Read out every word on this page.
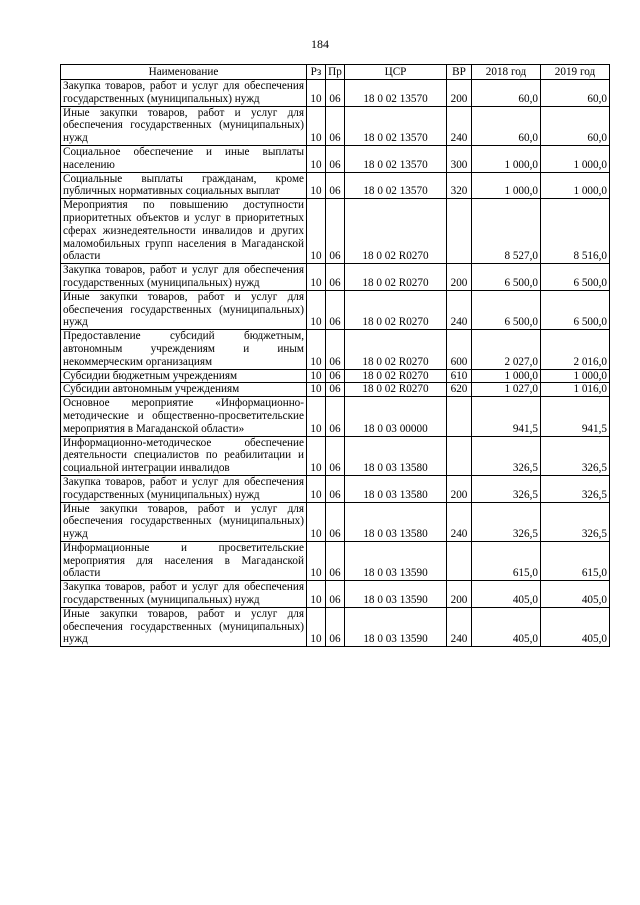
184
Наименование	Рз	Пр	ЦСР	ВР	2018 год	2019 год
Закупка товаров, работ и услуг для обеспечения государственных (муниципальных) нужд	10	06	18 0 02 13570	200	60,0	60,0
Иные закупки товаров, работ и услуг для обеспечения государственных (муниципальных) нужд	10	06	18 0 02 13570	240	60,0	60,0
Социальное обеспечение и иные выплаты населению	10	06	18 0 02 13570	300	1 000,0	1 000,0
Социальные выплаты гражданам, кроме публичных нормативных социальных выплат	10	06	18 0 02 13570	320	1 000,0	1 000,0
Мероприятия по повышению доступности приоритетных объектов и услуг в приоритетных сферах жизнедеятельности инвалидов и других маломобильных групп населения в Магаданской области	10	06	18 0 02 R0270		8 527,0	8 516,0
Закупка товаров, работ и услуг для обеспечения государственных (муниципальных) нужд	10	06	18 0 02 R0270	200	6 500,0	6 500,0
Иные закупки товаров, работ и услуг для обеспечения государственных (муниципальных) нужд	10	06	18 0 02 R0270	240	6 500,0	6 500,0
Предоставление субсидий бюджетным, автономным учреждениям и иным некоммерческим организациям	10	06	18 0 02 R0270	600	2 027,0	2 016,0
Субсидии бюджетным учреждениям	10	06	18 0 02 R0270	610	1 000,0	1 000,0
Субсидии автономным учреждениям	10	06	18 0 02 R0270	620	1 027,0	1 016,0
Основное мероприятие «Информационно-методические и общественно-просветительские мероприятия в Магаданской области»	10	06	18 0 03 00000		941,5	941,5
Информационно-методическое обеспечение деятельности специалистов по реабилитации и социальной интеграции инвалидов	10	06	18 0 03 13580		326,5	326,5
Закупка товаров, работ и услуг для обеспечения государственных (муниципальных) нужд	10	06	18 0 03 13580	200	326,5	326,5
Иные закупки товаров, работ и услуг для обеспечения государственных (муниципальных) нужд	10	06	18 0 03 13580	240	326,5	326,5
Информационные и просветительские мероприятия для населения в Магаданской области	10	06	18 0 03 13590		615,0	615,0
Закупка товаров, работ и услуг для обеспечения государственных (муниципальных) нужд	10	06	18 0 03 13590	200	405,0	405,0
Иные закупки товаров, работ и услуг для обеспечения государственных (муниципальных) нужд	10	06	18 0 03 13590	240	405,0	405,0
